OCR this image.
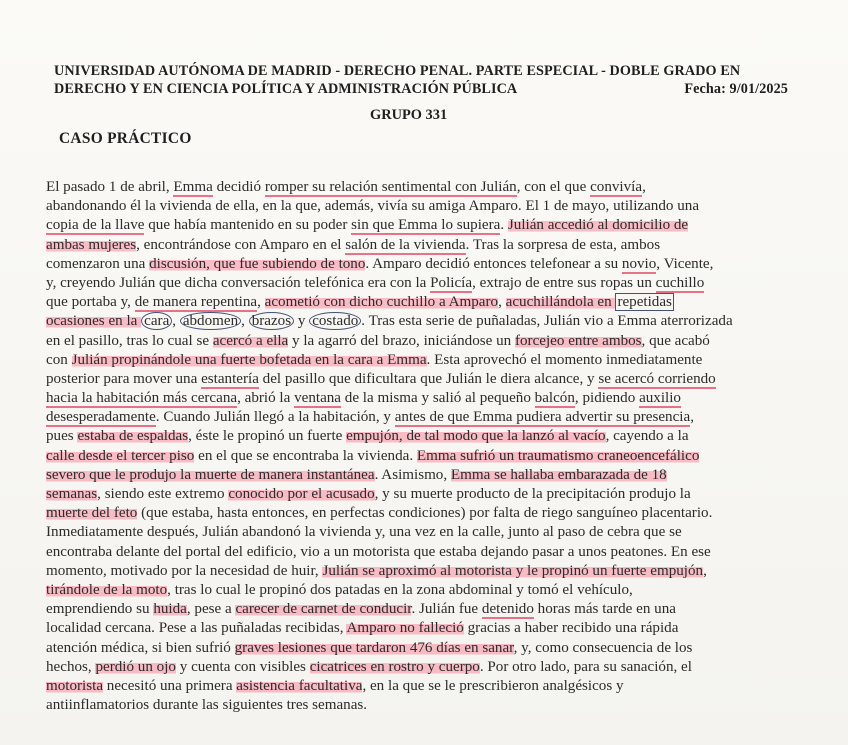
UNIVERSIDAD AUTÓNOMA DE MADRID - DERECHO PENAL. PARTE ESPECIAL - DOBLE GRADO EN
DERECHO Y EN CIENCIA POLÍTICA Y ADMINISTRACIÓN PÚBLICA	Fecha: 9/01/2025
GRUPO 331
CASO PRÁCTICO
El pasado 1 de abril, Emma decidió romper su relación sentimental con Julián, con el que convivía,
abandonando él la vivienda de ella, en la que, además, vivía su amiga Amparo. El 1 de mayo, utilizando una
copia de la llave que había mantenido en su poder sin que Emma lo supiera. Julián accedió al domicilio de
ambas mujeres, encontrándose con Amparo en el salón de la vivienda. Tras la sorpresa de esta, ambos
comenzaron una discusión, que fue subiendo de tono. Amparo decidió entonces telefonear a su novio, Vicente,
y, creyendo Julián que dicha conversación telefónica era con la Policía, extrajo de entre sus ropas un cuchillo
que portaba y, de manera repentina, acometió con dicho cuchillo a Amparo, acuchillándola en repetidas
ocasiones en la cara , abdomen , brazos y costado . Tras esta serie de puñaladas, Julián vio a Emma aterrorizada
en el pasillo, tras lo cual se acercó a ella y la agarró del brazo, iniciándose un forcejeo entre ambos, que acabó
con Julián propinándole una fuerte bofetada en la cara a Emma. Esta aprovechó el momento inmediatamente
posterior para mover una estantería del pasillo que dificultara que Julián le diera alcance, y se acercó corriendo
hacia la habitación más cercana, abrió la ventana de la misma y salió al pequeño balcón, pidiendo auxilio
desesperadamente. Cuando Julián llegó a la habitación, y antes de que Emma pudiera advertir su presencia,
pues estaba de espaldas, éste le propinó un fuerte empujón, de tal modo que la lanzó al vacío, cayendo a la
calle desde el tercer piso en el que se encontraba la vivienda. Emma sufrió un traumatismo craneoencefálico
severo que le produjo la muerte de manera instantánea. Asimismo, Emma se hallaba embarazada de 18
semanas, siendo este extremo conocido por el acusado, y su muerte producto de la precipitación produjo la
muerte del feto (que estaba, hasta entonces, en perfectas condiciones) por falta de riego sanguíneo placentario.
Inmediatamente después, Julián abandonó la vivienda y, una vez en la calle, junto al paso de cebra que se
encontraba delante del portal del edificio, vio a un motorista que estaba dejando pasar a unos peatones. En ese
momento, motivado por la necesidad de huir, Julián se aproximó al motorista y le propinó un fuerte empujón,
tirándole de la moto, tras lo cual le propinó dos patadas en la zona abdominal y tomó el vehículo,
emprendiendo su huida, pese a carecer de carnet de conducir. Julián fue detenido horas más tarde en una
localidad cercana. Pese a las puñaladas recibidas, Amparo no falleció gracias a haber recibido una rápida
atención médica, si bien sufrió graves lesiones que tardaron 476 días en sanar, y, como consecuencia de los
hechos, perdió un ojo y cuenta con visibles cicatrices en rostro y cuerpo. Por otro lado, para su sanación, el
motorista necesitó una primera asistencia facultativa, en la que se le prescribieron analgésicos y
antiinflamatorios durante las siguientes tres semanas.
